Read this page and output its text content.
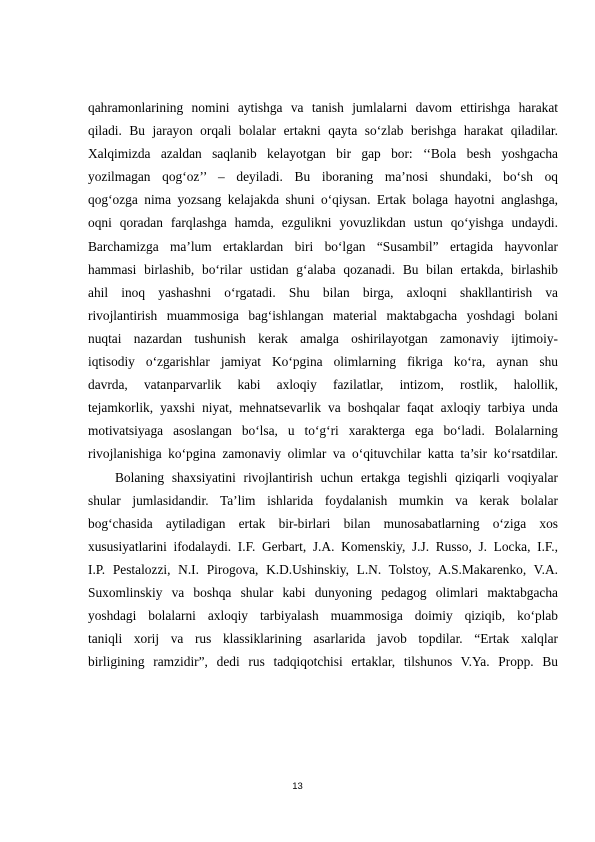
qahramonlarining nomini aytishga va tanish jumlalarni davom ettirishga harakat
qiladi. Bu jarayon orqali bolalar ertakni qayta so‘zlab berishga harakat qiladilar.
Xalqimizda azaldan saqlanib kelayotgan bir gap bor: ‘‘Bola besh yoshgacha
yozilmagan qog‘oz’’ – deyiladi. Bu iboraning ma’nosi shundaki, bo‘sh oq
qog‘ozga nima yozsang kelajakda shuni o‘qiysan. Ertak bolaga hayotni anglashga,
oqni qoradan farqlashga hamda, ezgulikni yovuzlikdan ustun qo‘yishga undaydi.
Barchamizga ma’lum ertaklardan biri bo‘lgan “Susambil” ertagida hayvonlar
hammasi birlashib, bo‘rilar ustidan g‘alaba qozanadi. Bu bilan ertakda, birlashib
ahil inoq yashashni o‘rgatadi. Shu bilan birga, axloqni shakllantirish va
rivojlantirish muammosiga bag‘ishlangan material maktabgacha yoshdagi bolani
nuqtai nazardan tushunish kerak amalga oshirilayotgan zamonaviy ijtimoiy-
iqtisodiy o‘zgarishlar jamiyat Ko‘pgina olimlarning fikriga ko‘ra, aynan shu
davrda, vatanparvarlik kabi axloqiy fazilatlar, intizom, rostlik, halollik,
tejamkorlik, yaxshi niyat, mehnatsevarlik va boshqalar faqat axloqiy tarbiya unda
motivatsiyaga asoslangan bo‘lsa, u to‘g‘ri xarakterga ega bo‘ladi. Bolalarning
rivojlanishiga ko‘pgina zamonaviy olimlar va o‘qituvchilar katta ta’sir ko‘rsatdilar.
Bolaning shaxsiyatini rivojlantirish uchun ertakga tegishli qiziqarli voqiyalar
shular jumlasidandir. Ta’lim ishlarida foydalanish mumkin va kerak bolalar
bog‘chasida aytiladigan ertak bir-birlari bilan munosabatlarning o‘ziga xos
xususiyatlarini ifodalaydi. I.F. Gerbart, J.A. Komenskiy, J.J. Russo, J. Locka, I.F.,
I.P. Pestalozzi, N.I. Pirogova, K.D.Ushinskiy, L.N. Tolstoy, A.S.Makarenko, V.A.
Suxomlinskiy va boshqa shular kabi dunyoning pedagog olimlari maktabgacha
yoshdagi bolalarni axloqiy tarbiyalash muammosiga doimiy qiziqib, ko‘plab
taniqli xorij va rus klassiklarining asarlarida javob topdilar. “Ertak xalqlar
birligining ramzidir”, dedi rus tadqiqotchisi ertaklar, tilshunos V.Ya. Propp. Bu
13
